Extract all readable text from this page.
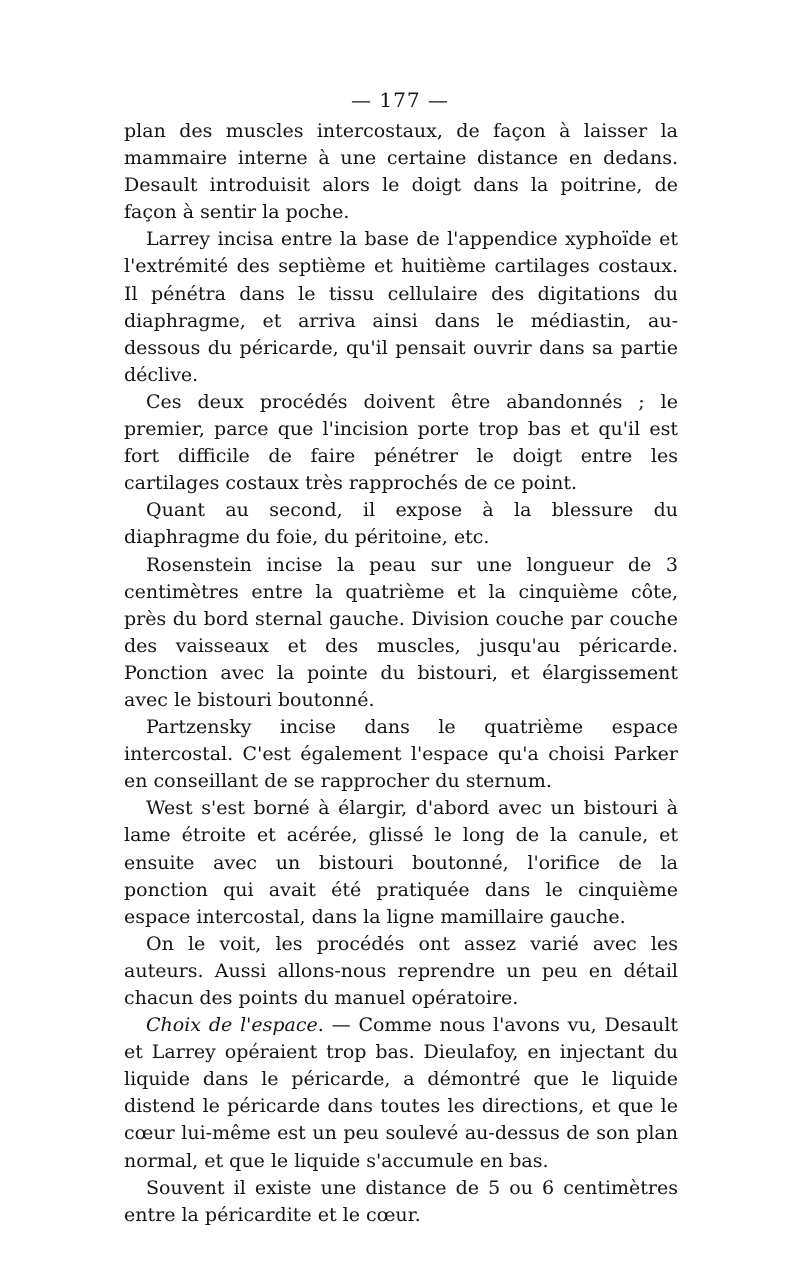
— 177 —

plan des muscles intercostaux, de façon à laisser la mammaire interne à une certaine distance en dedans. Desault introduisit alors le doigt dans la poitrine, de façon à sentir la poche.

Larrey incisa entre la base de l'appendice xyphoïde et l'extrémité des septième et huitième cartilages costaux. Il pénétra dans le tissu cellulaire des digitations du diaphragme, et arriva ainsi dans le médiastin, au-dessous du péricarde, qu'il pensait ouvrir dans sa partie déclive.

Ces deux procédés doivent être abandonnés ; le premier, parce que l'incision porte trop bas et qu'il est fort difficile de faire pénétrer le doigt entre les cartilages costaux très rapprochés de ce point.

Quant au second, il expose à la blessure du diaphragme du foie, du péritoine, etc.

Rosenstein incise la peau sur une longueur de 3 centimètres entre la quatrième et la cinquième côte, près du bord sternal gauche. Division couche par couche des vaisseaux et des muscles, jusqu'au péricarde. Ponction avec la pointe du bistouri, et élargissement avec le bistouri boutonné.

Partzensky incise dans le quatrième espace intercostal. C'est également l'espace qu'a choisi Parker en conseillant de se rapprocher du sternum.

West s'est borné à élargir, d'abord avec un bistouri à lame étroite et acérée, glissé le long de la canule, et ensuite avec un bistouri boutonné, l'orifice de la ponction qui avait été pratiquée dans le cinquième espace intercostal, dans la ligne mamillaire gauche.

On le voit, les procédés ont assez varié avec les auteurs. Aussi allons-nous reprendre un peu en détail chacun des points du manuel opératoire.

Choix de l'espace. — Comme nous l'avons vu, Desault et Larrey opéraient trop bas. Dieulafoy, en injectant du liquide dans le péricarde, a démontré que le liquide distend le péricarde dans toutes les directions, et que le cœur lui-même est un peu soulevé au-dessus de son plan normal, et que le liquide s'accumule en bas.

Souvent il existe une distance de 5 ou 6 centimètres entre la péricardite et le cœur.
